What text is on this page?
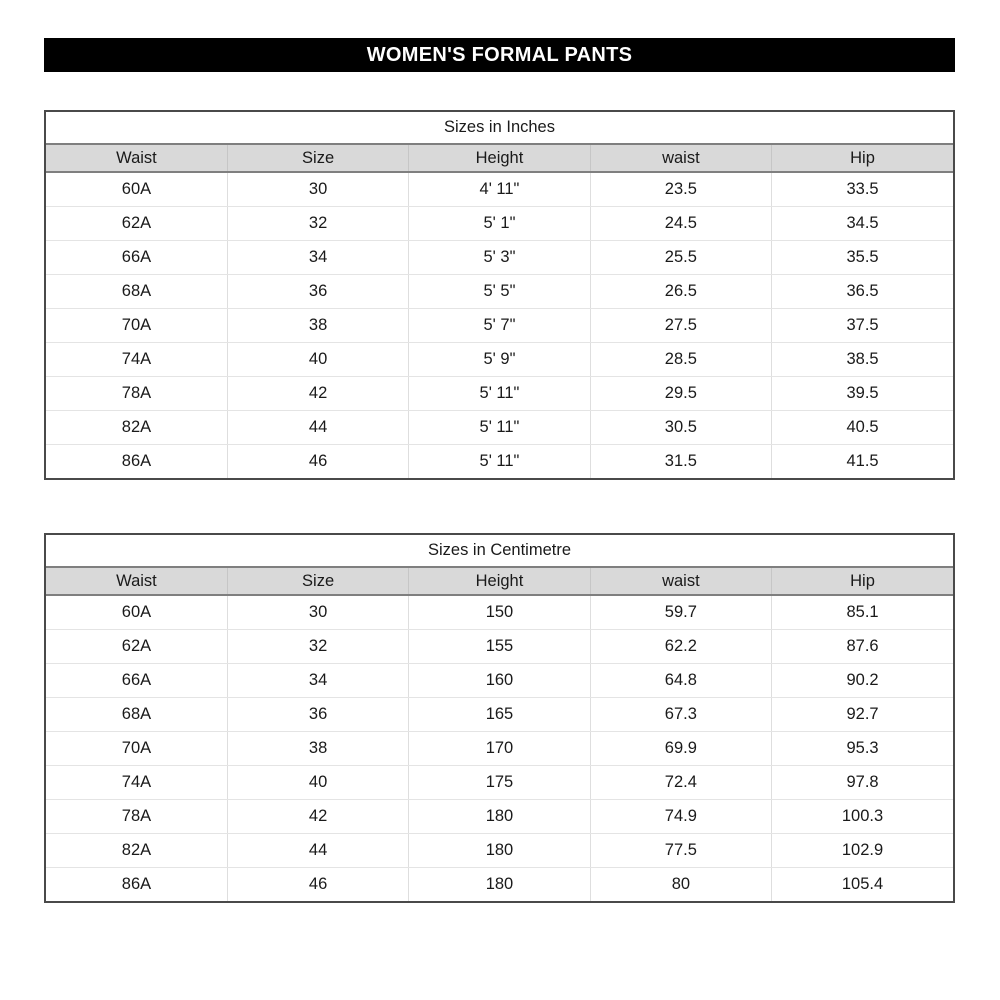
WOMEN'S FORMAL PANTS
Sizes in Inches				
Waist	Size	Height	waist	Hip
60A	30	4' 11"	23.5	33.5
62A	32	5' 1"	24.5	34.5
66A	34	5' 3"	25.5	35.5
68A	36	5' 5"	26.5	36.5
70A	38	5' 7"	27.5	37.5
74A	40	5' 9"	28.5	38.5
78A	42	5' 11"	29.5	39.5
82A	44	5' 11"	30.5	40.5
86A	46	5' 11"	31.5	41.5
Sizes in Centimetre				
Waist	Size	Height	waist	Hip
60A	30	150	59.7	85.1
62A	32	155	62.2	87.6
66A	34	160	64.8	90.2
68A	36	165	67.3	92.7
70A	38	170	69.9	95.3
74A	40	175	72.4	97.8
78A	42	180	74.9	100.3
82A	44	180	77.5	102.9
86A	46	180	80	105.4
